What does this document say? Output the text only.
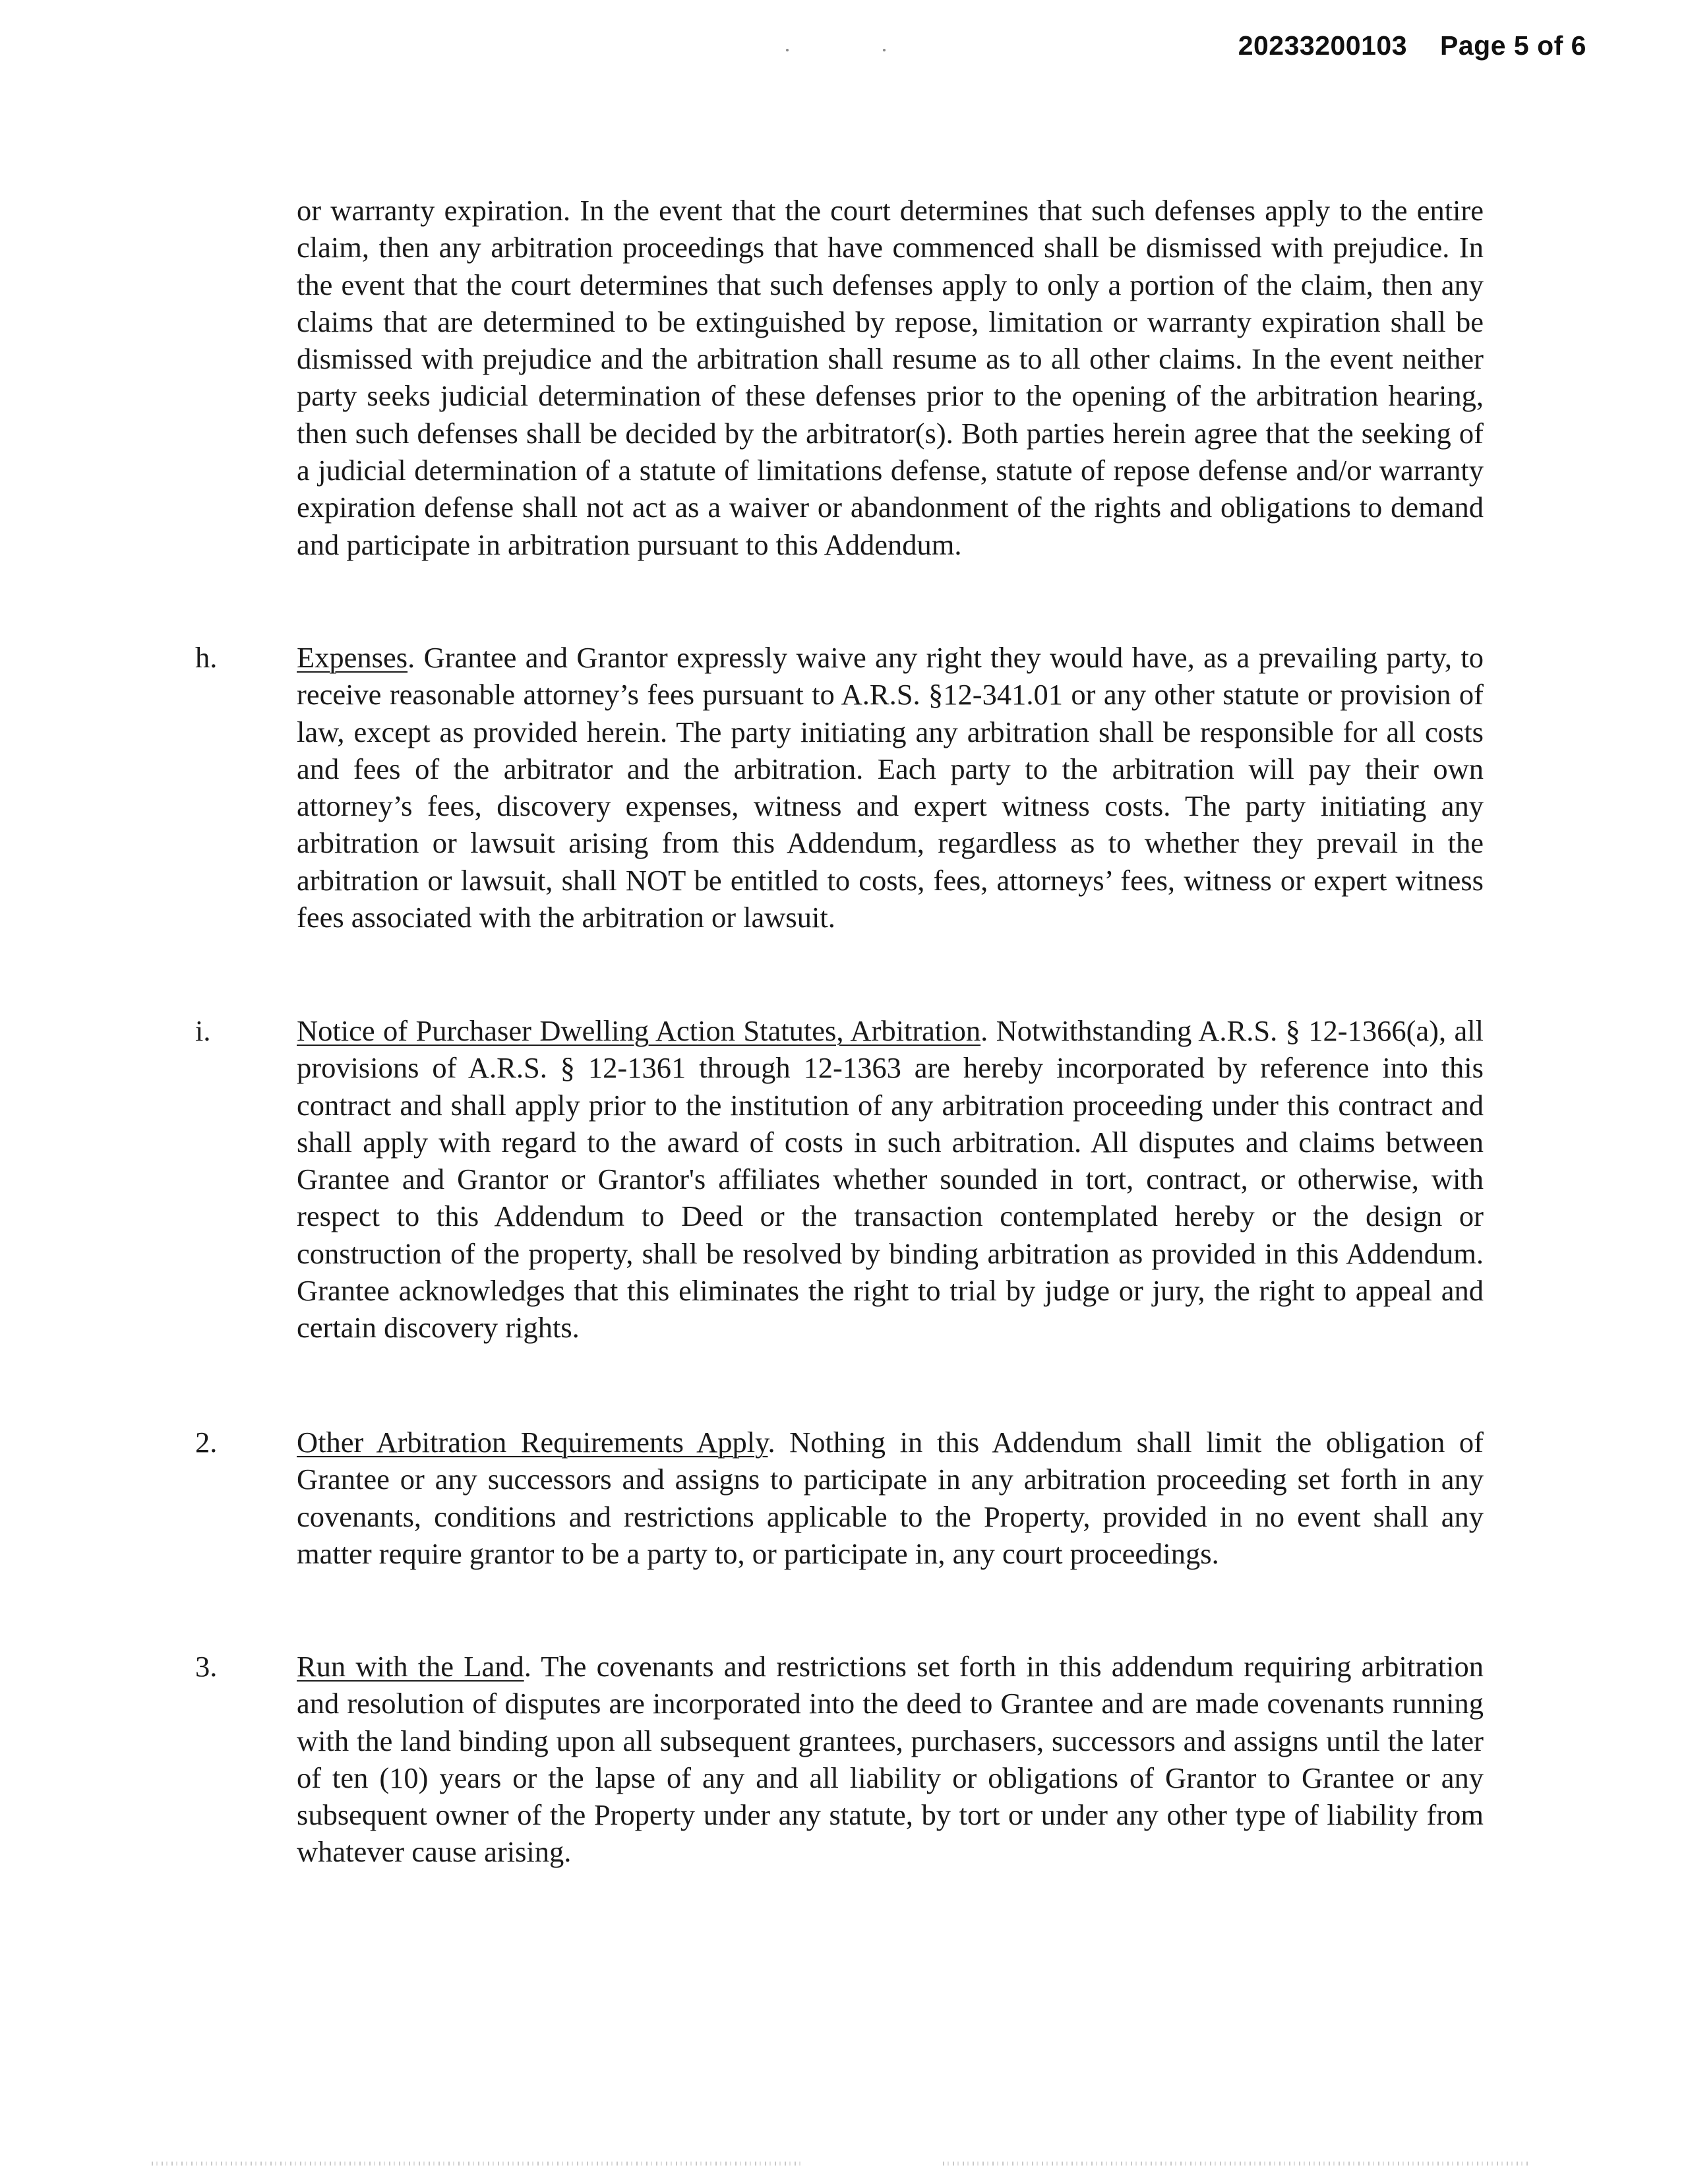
20233200103 Page 5 of 6

or warranty expiration. In the event that the court determines that such defenses apply to the entire claim, then any arbitration proceedings that have commenced shall be dismissed with prejudice. In the event that the court determines that such defenses apply to only a portion of the claim, then any claims that are determined to be extinguished by repose, limitation or warranty expiration shall be dismissed with prejudice and the arbitration shall resume as to all other claims. In the event neither party seeks judicial determination of these defenses prior to the opening of the arbitration hearing, then such defenses shall be decided by the arbitrator(s). Both parties herein agree that the seeking of a judicial determination of a statute of limitations defense, statute of repose defense and/or warranty expiration defense shall not act as a waiver or abandonment of the rights and obligations to demand and participate in arbitration pursuant to this Addendum.

h.	Expenses. Grantee and Grantor expressly waive any right they would have, as a prevailing party, to receive reasonable attorney’s fees pursuant to A.R.S. §12-341.01 or any other statute or provision of law, except as provided herein. The party initiating any arbitration shall be responsible for all costs and fees of the arbitrator and the arbitration. Each party to the arbitration will pay their own attorney’s fees, discovery expenses, witness and expert witness costs. The party initiating any arbitration or lawsuit arising from this Addendum, regardless as to whether they prevail in the arbitration or lawsuit, shall NOT be entitled to costs, fees, attorneys’ fees, witness or expert witness fees associated with the arbitration or lawsuit.

i.	Notice of Purchaser Dwelling Action Statutes, Arbitration. Notwithstanding A.R.S. § 12-1366(a), all provisions of A.R.S. § 12-1361 through 12-1363 are hereby incorporated by reference into this contract and shall apply prior to the institution of any arbitration proceeding under this contract and shall apply with regard to the award of costs in such arbitration. All disputes and claims between Grantee and Grantor or Grantor's affiliates whether sounded in tort, contract, or otherwise, with respect to this Addendum to Deed or the transaction contemplated hereby or the design or construction of the property, shall be resolved by binding arbitration as provided in this Addendum. Grantee acknowledges that this eliminates the right to trial by judge or jury, the right to appeal and certain discovery rights.

2.	Other Arbitration Requirements Apply. Nothing in this Addendum shall limit the obligation of Grantee or any successors and assigns to participate in any arbitration proceeding set forth in any covenants, conditions and restrictions applicable to the Property, provided in no event shall any matter require grantor to be a party to, or participate in, any court proceedings.

3.	Run with the Land. The covenants and restrictions set forth in this addendum requiring arbitration and resolution of disputes are incorporated into the deed to Grantee and are made covenants running with the land binding upon all subsequent grantees, purchasers, successors and assigns until the later of ten (10) years or the lapse of any and all liability or obligations of Grantor to Grantee or any subsequent owner of the Property under any statute, by tort or under any other type of liability from whatever cause arising.
